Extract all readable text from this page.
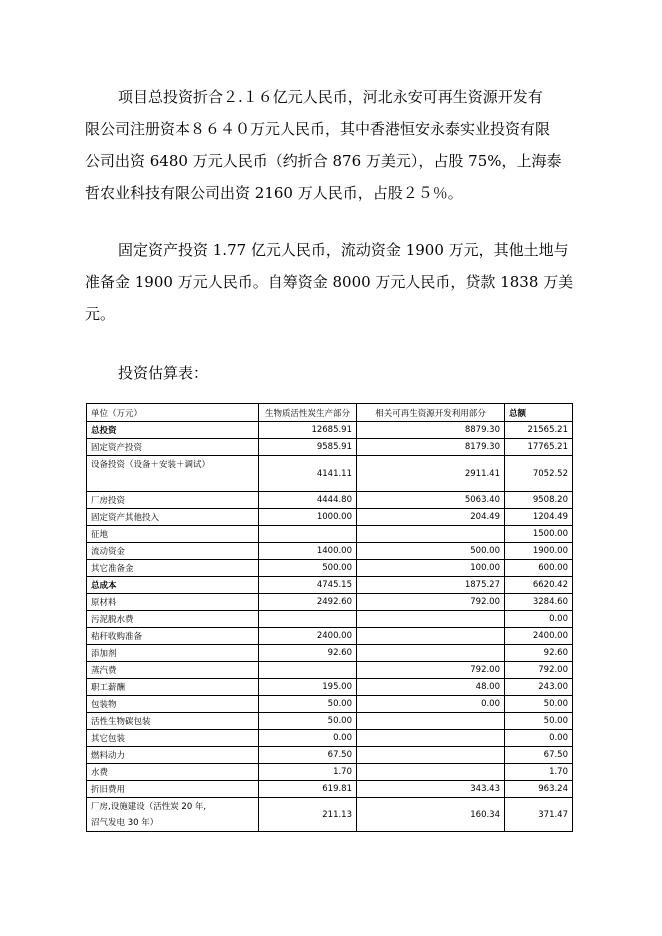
项目总投资折合２.１６亿元人民币，河北永安可再生资源开发有
限公司注册资本８６４０万元人民币，其中香港恒安永泰实业投资有限
公司出资 6480 万元人民币（约折合 876 万美元），占股 75%，上海泰
哲农业科技有限公司出资 2160 万人民币，占股２５％。
固定资产投资 1.77 亿元人民币，流动资金 1900 万元，其他土地与
准备金 1900 万元人民币。自筹资金 8000 万元人民币，贷款 1838 万美
元。
投资估算表：
单位（万元）	生物质活性炭生产部分	相关可再生资源开发利用部分	总额
总投资	12685.91	8879.30	21565.21
固定资产投资	9585.91	8179.30	17765.21
设备投资（设备＋安装＋调试）	4141.11	2911.41	7052.52
厂房投资	4444.80	5063.40	9508.20
固定资产其他投入	1000.00	204.49	1204.49
征地			1500.00
流动资金	1400.00	500.00	1900.00
其它准备金	500.00	100.00	600.00
总成本	4745.15	1875.27	6620.42
原材料	2492.60	792.00	3284.60
污泥脱水费			0.00
秸秆收购准备	2400.00		2400.00
添加剂	92.60		92.60
蒸汽费		792.00	792.00
职工薪酬	195.00	48.00	243.00
包装物	50.00	0.00	50.00
活性生物碳包装	50.00		50.00
其它包装	0.00		0.00
燃料动力	67.50		67.50
水费	1.70		1.70
折旧费用	619.81	343.43	963.24

厂房,设施建设（活性炭 20 年,
沼气发电 30 年）	211.13	160.34	371.47
